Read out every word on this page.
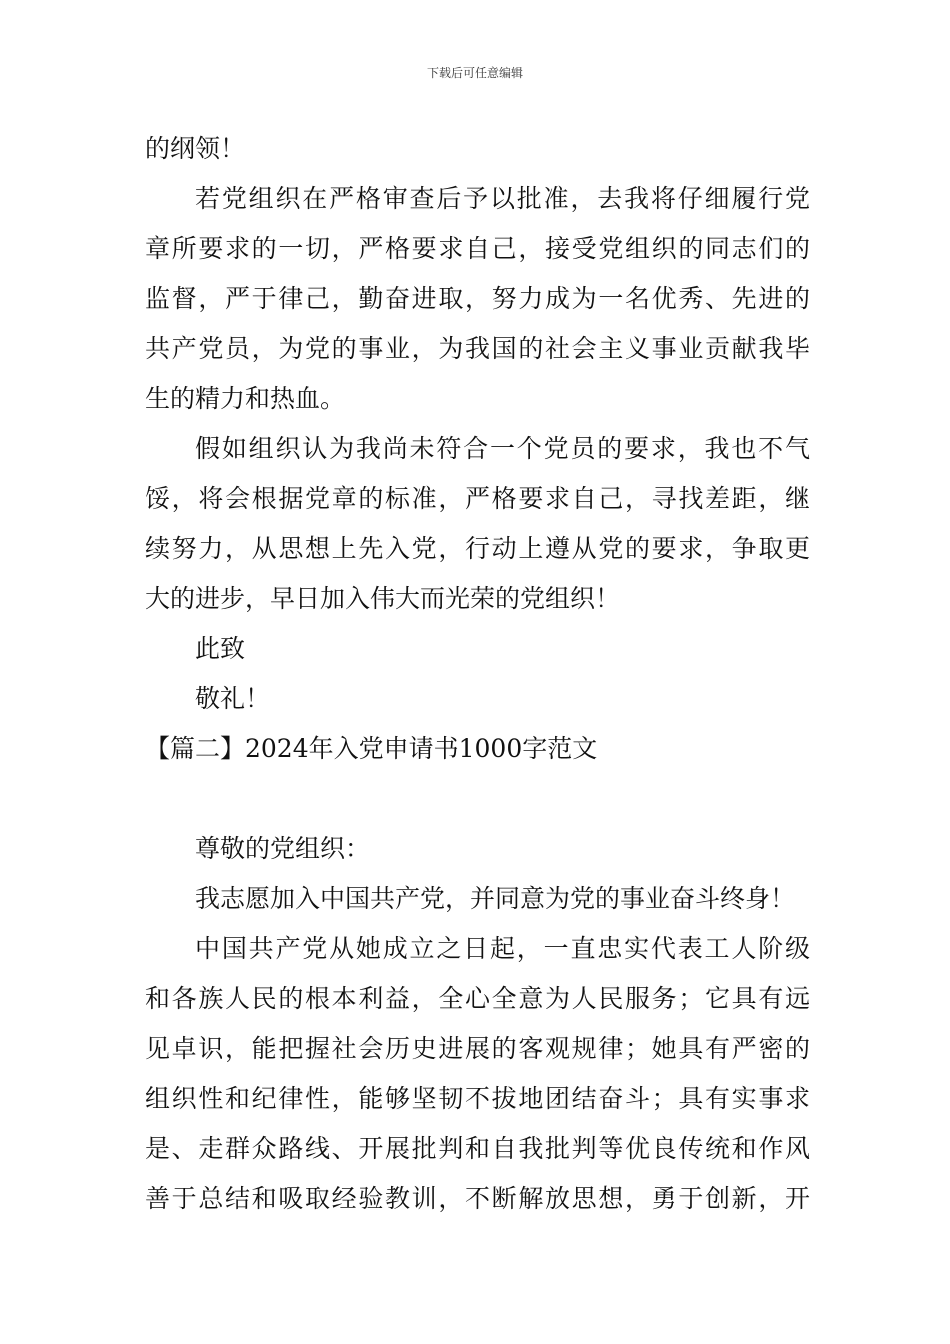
下载后可任意编辑
的纲领！
若党组织在严格审查后予以批准，去我将仔细履行党
章所要求的一切，严格要求自己，接受党组织的同志们的
监督，严于律己，勤奋进取，努力成为一名优秀、先进的
共产党员，为党的事业，为我国的社会主义事业贡献我毕
生的精力和热血。
假如组织认为我尚未符合一个党员的要求，我也不气
馁，将会根据党章的标准，严格要求自己，寻找差距，继
续努力，从思想上先入党，行动上遵从党的要求，争取更
大的进步，早日加入伟大而光荣的党组织！
此致
敬礼！
【篇二】2024年入党申请书1000字范文
尊敬的党组织：
我志愿加入中国共产党，并同意为党的事业奋斗终身！
中国共产党从她成立之日起，一直忠实代表工人阶级
和各族人民的根本利益，全心全意为人民服务；它具有远
见卓识，能把握社会历史进展的客观规律；她具有严密的
组织性和纪律性，能够坚韧不拔地团结奋斗；具有实事求
是、走群众路线、开展批判和自我批判等优良传统和作风
善于总结和吸取经验教训，不断解放思想，勇于创新，开
